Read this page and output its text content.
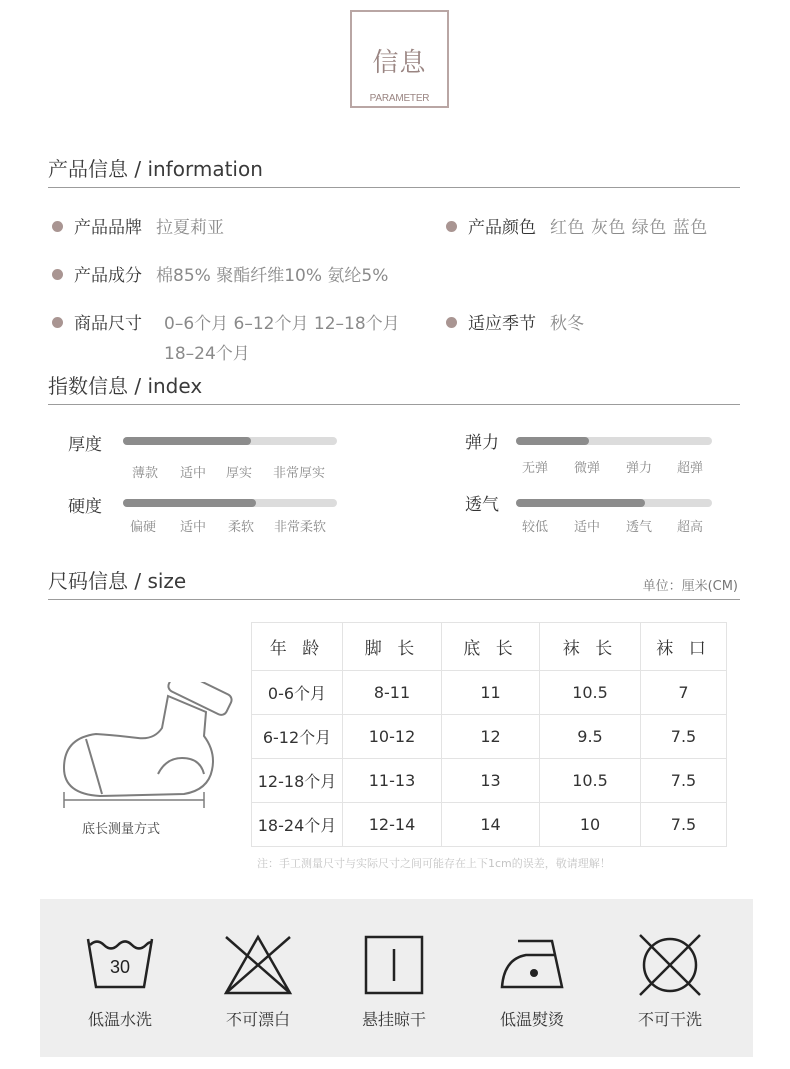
信息
PARAMETER
产品信息 / information
产品品牌 拉夏莉亚	产品颜色 红色 灰色 绿色 蓝色
产品成分 棉85% 聚酯纤维10% 氨纶5%
商品尺寸 0–6个月 6–12个月 12–18个月
18–24个月
适应季节 秋冬
指数信息 / index
厚度
薄款 适中 厚实 非常厚实
弹力
无弹 微弹 弹力 超弹
硬度
偏硬 适中 柔软 非常柔软
透气
较低 适中 透气 超高
尺码信息 / size	单位：厘米(CM)
底长测量方式
年 龄	脚 长	底 长	袜 长	袜 口
0-6个月	8-11	11	10.5	7
6-12个月	10-12	12	9.5	7.5
12-18个月	11-13	13	10.5	7.5
18-24个月	12-14	14	10	7.5
注：手工测量尺寸与实际尺寸之间可能存在上下1cm的误差，敬请理解！
30
低温水洗	不可漂白	悬挂晾干	低温熨烫	不可干洗
